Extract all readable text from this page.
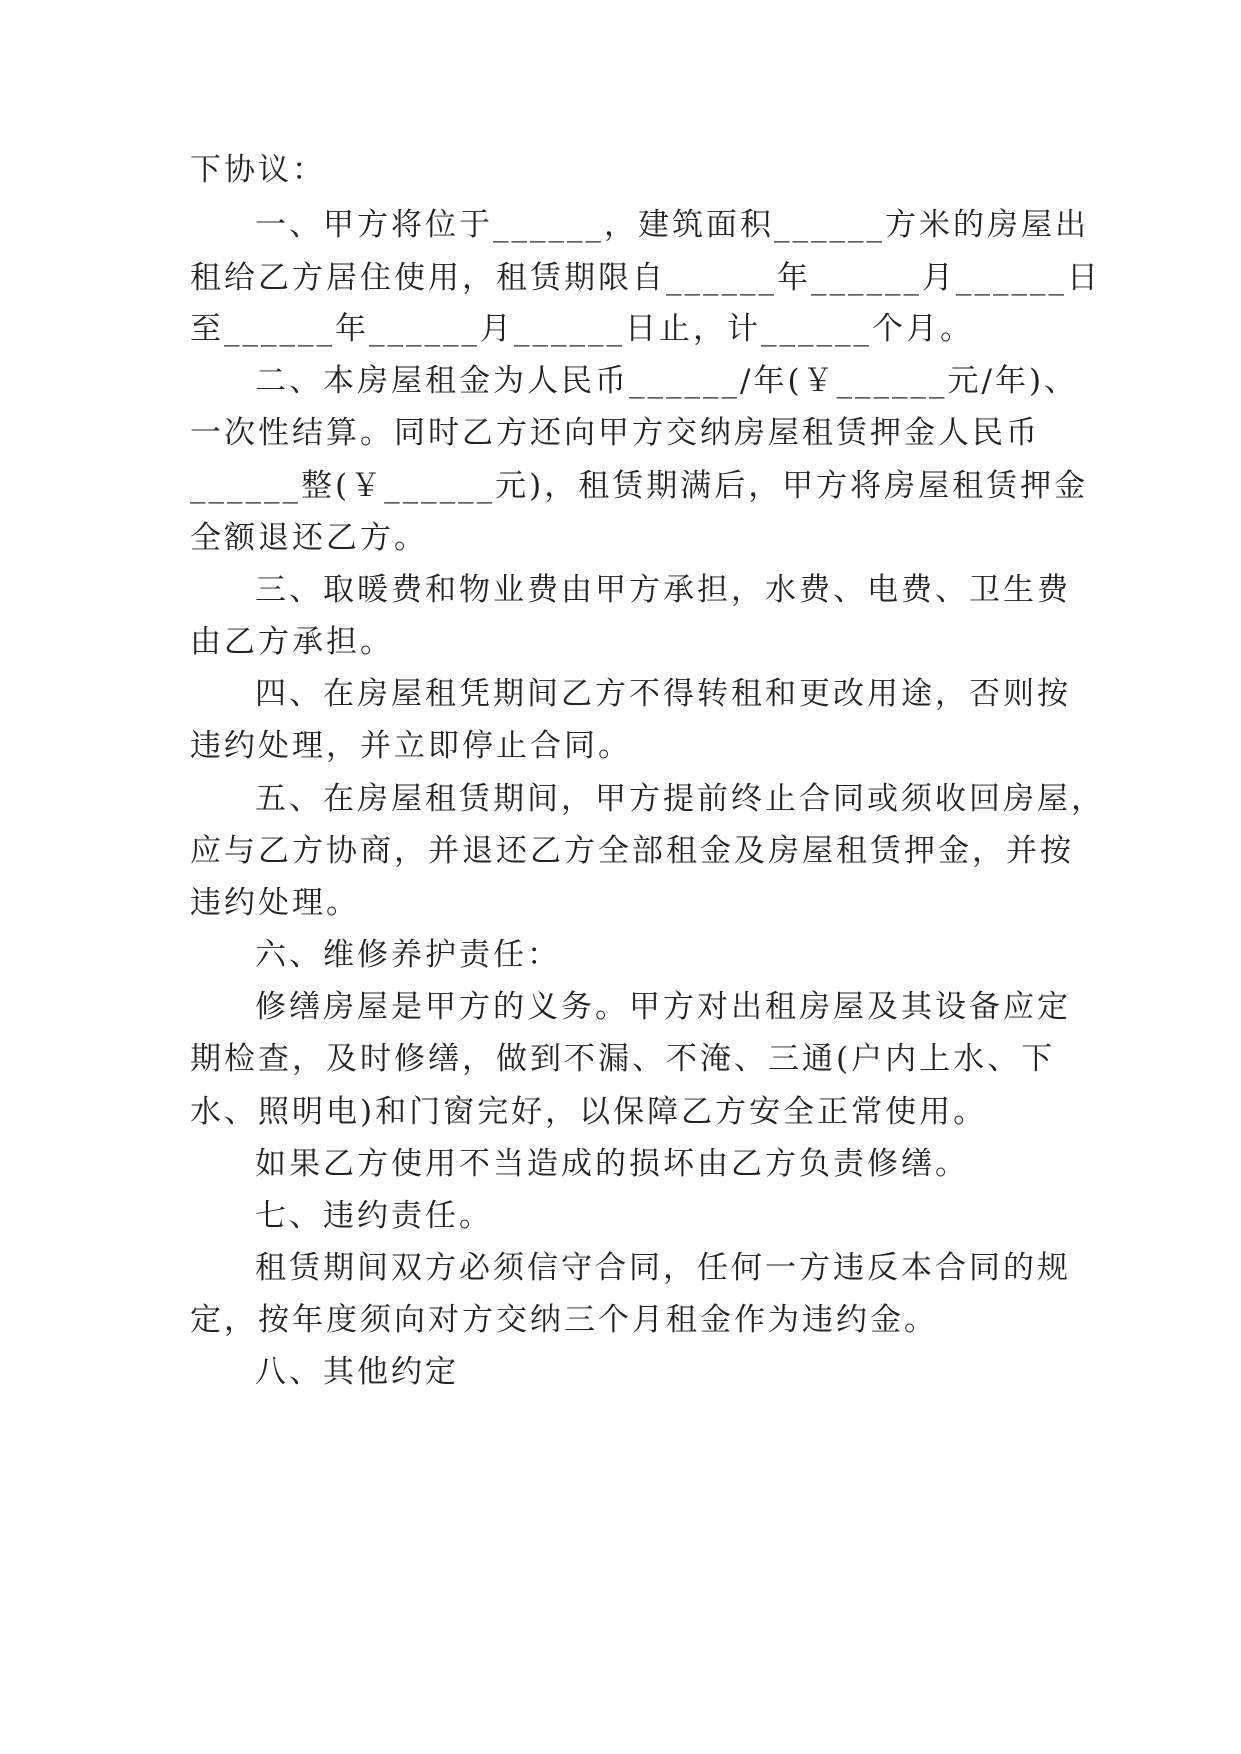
下协议：
一、甲方将位于______，建筑面积______方米的房屋出
租给乙方居住使用，租赁期限自______年______月______日
至______年______月______日止，计______个月。
二、本房屋租金为人民币______/年(￥______元/年)、
一次性结算。同时乙方还向甲方交纳房屋租赁押金人民币
______整(￥______元)，租赁期满后，甲方将房屋租赁押金
全额退还乙方。
三、取暖费和物业费由甲方承担，水费、电费、卫生费
由乙方承担。
四、在房屋租凭期间乙方不得转租和更改用途，否则按
违约处理，并立即停止合同。
五、在房屋租赁期间，甲方提前终止合同或须收回房屋，
应与乙方协商，并退还乙方全部租金及房屋租赁押金，并按
违约处理。
六、维修养护责任：
修缮房屋是甲方的义务。甲方对出租房屋及其设备应定
期检查，及时修缮，做到不漏、不淹、三通(户内上水、下
水、照明电)和门窗完好，以保障乙方安全正常使用。
如果乙方使用不当造成的损坏由乙方负责修缮。
七、违约责任。
租赁期间双方必须信守合同，任何一方违反本合同的规
定，按年度须向对方交纳三个月租金作为违约金。
八、其他约定
